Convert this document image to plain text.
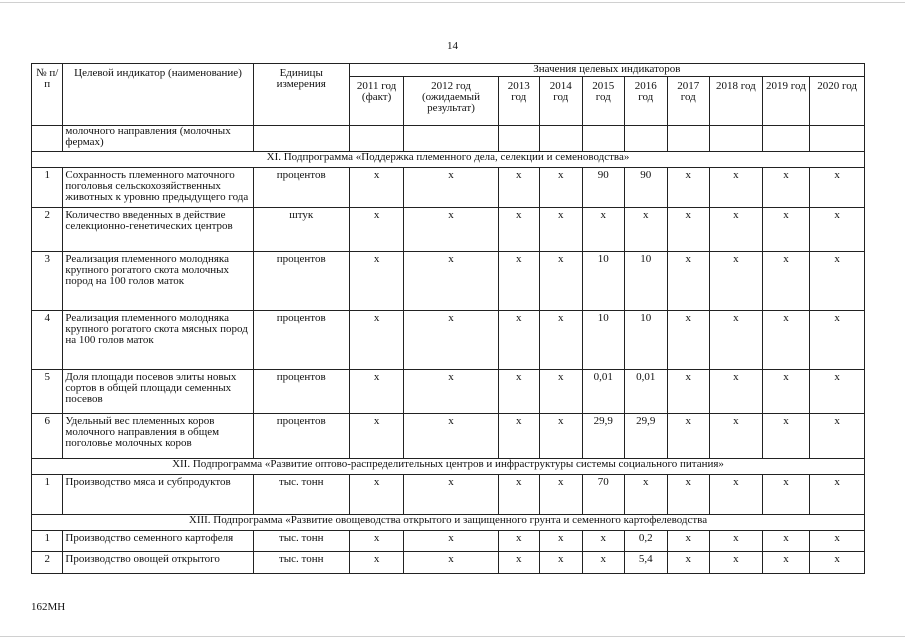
14
№ п/п	Целевой индикатор (наименование)	Единицы измерения	Значения целевых индикаторов									
			2011 год (факт)	2012 год (ожидаемый результат)	2013 год	2014 год	2015 год	2016 год	2017 год	2018 год	2019 год	2020 год
	молочного направления (молочных фермах)											
XI. Подпрограмма «Поддержка племенного дела, селекции и семеноводства»												
1	Сохранность племенного маточного поголовья сельскохозяйственных животных к уровню предыдущего года	процентов	х	х	х	х	90	90	х	х	х	х
2	Количество введенных в действие селекционно-генетических центров	штук	х	х	х	х	х	х	х	х	х	х
3	Реализация племенного молодняка крупного рогатого скота молочных пород на 100 голов маток	процентов	х	х	х	х	10	10	х	х	х	х
4	Реализация племенного молодняка крупного рогатого скота мясных пород на 100 голов маток	процентов	х	х	х	х	10	10	х	х	х	х
5	Доля площади посевов элиты новых сортов в общей площади семенных посевов	процентов	х	х	х	х	0,01	0,01	х	х	х	х
6	Удельный вес племенных коров молочного направления в общем поголовье молочных коров	процентов	х	х	х	х	29,9	29,9	х	х	х	х
XII. Подпрограмма «Развитие оптово-распределительных центров и инфраструктуры системы социального питания»												
1	Производство мяса и субпродуктов	тыс. тонн	х	х	х	х	70	х	х	х	х	х
XIII. Подпрограмма «Развитие овощеводства открытого и защищенного грунта и семенного картофелеводства												
1	Производство семенного картофеля	тыс. тонн	х	х	х	х	х	0,2	х	х	х	х
2	Производство овощей открытого	тыс. тонн	х	х	х	х	х	5,4	х	х	х	х
162МН
